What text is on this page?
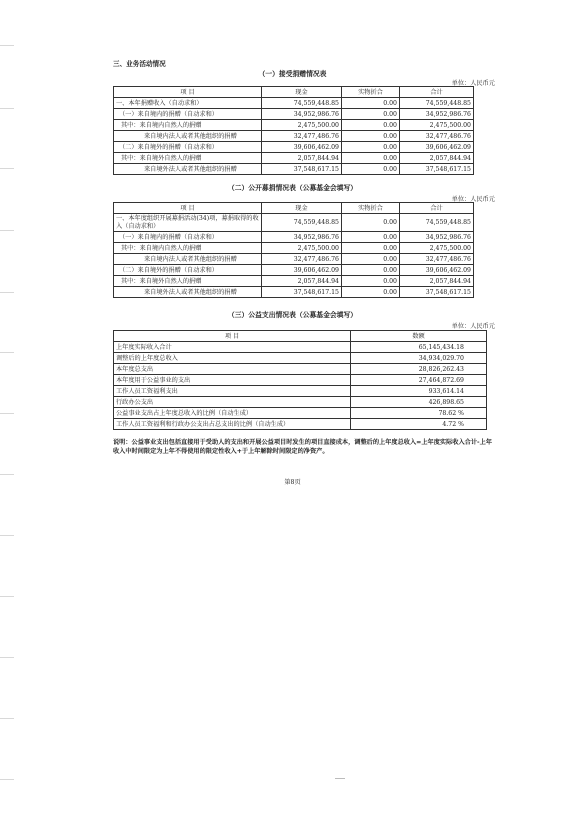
三、业务活动情况
（一）接受捐赠情况表
单位：人民币元
项 目	现金	实物折合	合计
一、本年捐赠收入（自动求和）	74,559,448.85	0.00	74,559,448.85
（一）来自境内的捐赠（自动求和）	34,952,986.76	0.00	34,952,986.76
其中：来自境内自然人的捐赠	2,475,500.00	0.00	2,475,500.00
来自境内法人或者其他组织的捐赠	32,477,486.76	0.00	32,477,486.76
（二）来自境外的捐赠（自动求和）	39,606,462.09	0.00	39,606,462.09
其中：来自境外自然人的捐赠	2,057,844.94	0.00	2,057,844.94
来自境外法人或者其他组织的捐赠	37,548,617.15	0.00	37,548,617.15
（二）公开募捐情况表（公募基金会填写）
单位：人民币元
项 目	现金	实物折合	合计
一、本年度组织开展募捐活动(34)项，募捐取得的收入（自动求和）	74,559,448.85	0.00	74,559,448.85
（一）来自境内的捐赠（自动求和）	34,952,986.76	0.00	34,952,986.76
其中：来自境内自然人的捐赠	2,475,500.00	0.00	2,475,500.00
来自境内法人或者其他组织的捐赠	32,477,486.76	0.00	32,477,486.76
（二）来自境外的捐赠（自动求和）	39,606,462.09	0.00	39,606,462.09
其中：来自境外自然人的捐赠	2,057,844.94	0.00	2,057,844.94
来自境外法人或者其他组织的捐赠	37,548,617.15	0.00	37,548,617.15
（三）公益支出情况表（公募基金会填写）
单位：人民币元
项 目	数额
上年度实际收入合计	65,145,434.18
调整后的上年度总收入	34,934,029.70
本年度总支出	28,826,262.43
本年度用于公益事业的支出	27,464,872.69
工作人员工资福利支出	933,614.14
行政办公支出	426,898.65
公益事业支出占上年度总收入的比例（自动生成）	78.62 %
工作人员工资福利和行政办公支出占总支出的比例（自动生成）	4.72 %
说明：公益事业支出包括直接用于受助人的支出和开展公益项目时发生的项目直接成本，调整后的上年度总收入=上年度实际收入合计-上年收入中时间限定为上年不得使用的限定性收入+于上年解除时间限定的净资产。
第8页
